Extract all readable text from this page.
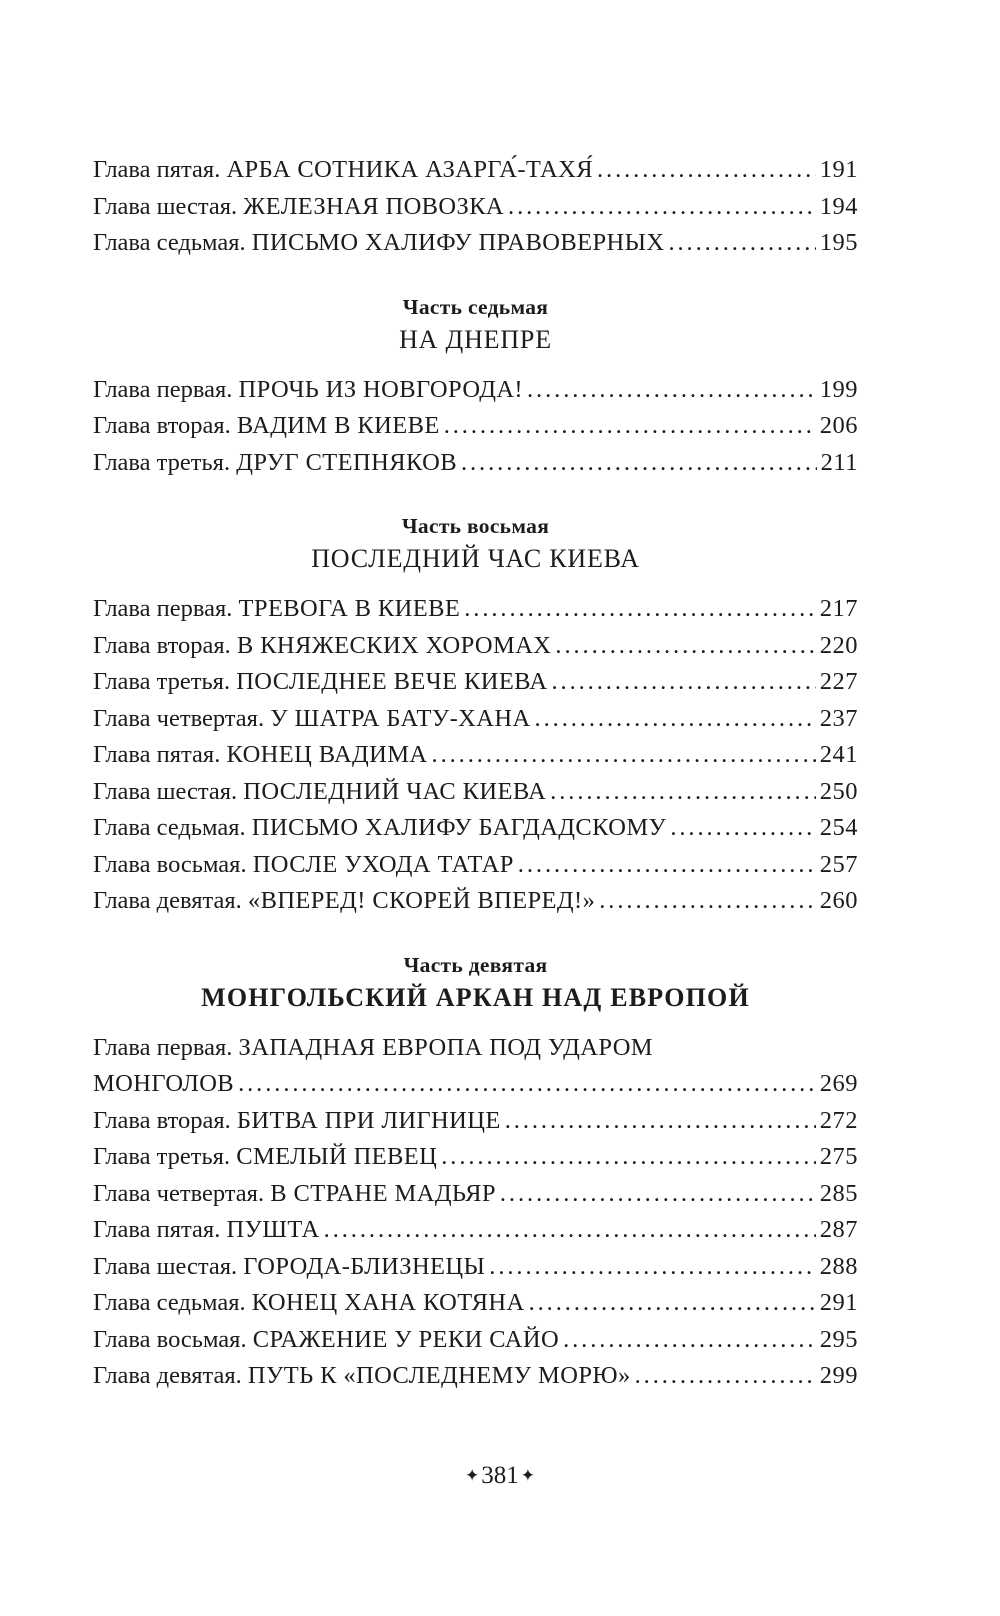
Глава пятая. АРБА СОТНИКА АЗАРГА́-ТАХЯ́ . . .	191
Глава шестая. ЖЕЛЕЗНАЯ ПОВОЗКА . . .	194
Глава седьмая. ПИСЬМО ХАЛИФУ ПРАВОВЕРНЫХ . . .	195
Часть седьмая
НА ДНЕПРЕ
Глава первая. ПРОЧЬ ИЗ НОВГОРОДА! . . .	199
Глава вторая. ВАДИМ В КИЕВЕ . . .	206
Глава третья. ДРУГ СТЕПНЯКОВ . . .	211
Часть восьмая
ПОСЛЕДНИЙ ЧАС КИЕВА
Глава первая. ТРЕВОГА В КИЕВЕ . . .	217
Глава вторая. В КНЯЖЕСКИХ ХОРОМАХ . . .	220
Глава третья. ПОСЛЕДНЕЕ ВЕЧЕ КИЕВА . . .	227
Глава четвертая. У ШАТРА БАТУ-ХАНА . . .	237
Глава пятая. КОНЕЦ ВАДИМА . . .	241
Глава шестая. ПОСЛЕДНИЙ ЧАС КИЕВА . . .	250
Глава седьмая. ПИСЬМО ХАЛИФУ БАГДАДСКОМУ . . .	254
Глава восьмая. ПОСЛЕ УХОДА ТАТАР . . .	257
Глава девятая. «ВПЕРЕД! СКОРЕЙ ВПЕРЕД!» . . .	260
Часть девятая
МОНГОЛЬСКИЙ АРКАН НАД ЕВРОПОЙ
Глава первая. ЗАПАДНАЯ ЕВРОПА ПОД УДАРОМ
МОНГОЛОВ . . .	269
Глава вторая. БИТВА ПРИ ЛИГНИЦЕ . . .	272
Глава третья. СМЕЛЫЙ ПЕВЕЦ . . .	275
Глава четвертая. В СТРАНЕ МАДЬЯР . . .	285
Глава пятая. ПУШТА . . .	287
Глава шестая. ГОРОДА-БЛИЗНЕЦЫ . . .	288
Глава седьмая. КОНЕЦ ХАНА КОТЯНА . . .	291
Глава восьмая. СРАЖЕНИЕ У РЕКИ САЙО . . .	295
Глава девятая. ПУТЬ К «ПОСЛЕДНЕМУ МОРЮ» . . .	299
✦381 ✦
